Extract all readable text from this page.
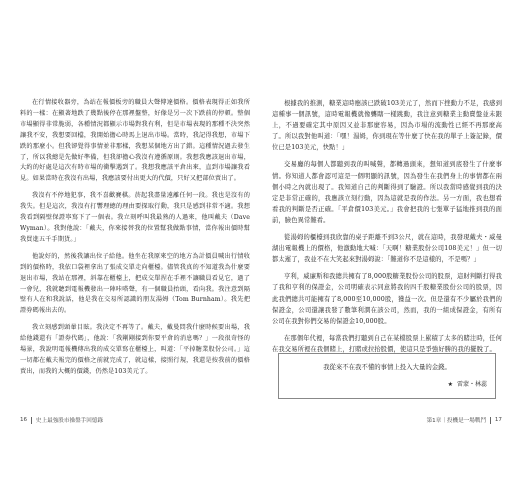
在行情接收器旁，為站在報價板旁的職員大聲傳達價格。價格表現得正如我所料的一樣：在顯著地跌了幾點後停在那裡盤整，好像是另一次下跌前的停頓。整個市場顯得非常脆弱，各種情況都顯示市場對我有利，但是市場表現的那種不決突然讓我不安，我想要回檔，我開始擔心時馬上退出市場。當時，我記得我想，市場下跌的那麼小。但我卻覺得事情並非那樣，我想某個地方出了錯。這種情況過去發生了，所以我總是先做好準備，但我卻擔心我沒有遵循原則。我想我應該退出市場，大約的好處是這次有時市場的衝擊遇到了。我想我應該平倉出來，直到市場讓我看見。如果當時在我沒有出場，我應該要付出更大的代價，只好又把部位賣出了。

我沒有不停地犯事，我不喜歡賽棋。菸起我盡量遠離任何一段。我也是沒有的我失。但是這次，我沒有打響理總的理由要探取行動，我只是感到非常不適。我想我看到隔壁保證寧寫下了一個表。我立刻呼叫我最熟的人過來，他叫戴夫（Dave Wyman）。我對他說：「戴夫，你來接替我的位置幫我做點事情，當你報出價時幫我買進五千手期貨。」

他說好的，然後我讓出位子給他。他坐在我原來空的地方為計價員喊出行情收到的價格時，我依口袋裡拿出了張成交單走向櫃檯。儘管我真的不知道我為什麼要退出市場，我站在那裡，斜靠在櫃檯上，把成交單捏在手裡不讓職員看見它，過了一會兒，我就聽到電報機發出一陣咔嗒聲，有一個職員抬頭，看向我。我注意到隔壁有人在和我說話，他是我在交易所認識的朋友湯姆（Tom Burnham）。我先把證券碼報出去的。

我立刻感到頭暈目眩。我決定不再等了。戴夫，戴曼問我什麼時候要出場，我給他錢還有「證券代碼」，他說：「我剛剛接到你要平倉的消息嗎？」一段很奇怪的場景，我說明電報機傳出我的成交單寫在櫃檯上，叫道：「平掉糖業股份公司。」這一切都在戴夫報完的價格之前就完成了，就這樣，接照行規，我還是按我前的價格賣出，而我的大概的價錢，仍然是103美元了。

16 史上最強股市操盤手回憶錄

根據我的推測，糖業這時應該已跌破103美元了，然而下挫動力不足，我感到這種事一個訊號，這時電報機就像聾瞎一樣跳動，我注意到糖業主動賣盤並未跟上，不過要確定其中原因又並非那麼容易，因為市場的流動性已經不再那麼高了。所以我對他叫道：「嘿！湯姆，你到現在等什麼了快在我的單子上簽記錄，價位已是103美元，快點！」

交易廳的每個人都聽到我的叫喊聲，都轉過頭來，想知道到底發生了什麼事情。你知道人都會認可這是一個明顯的訊號，因為發生在我們身上的事情都在兩個小時之內就出現了。我知道自己的判斷得到了驗證。所以我當時感覺到我的決定是非常正確的，我應該立刻行動，因為這就是我的作法。另一方面，我也想看看我的判斷是否正確。「平倉價103美元。」我會把我的七張單子猛地推到我的面前，臉色異常難看。

從湯姆的櫃檯到我欣靠的桌子距離不到3公尺，就在這時，我發現戴夫・威曼湖出電報機上的價格，他激動地大喊：「天啊！糖業股份公司108美元！」但一切都太遲了，我並不在大笑起來對湯姆說：「難道你不是這樣的，不是嗎？」

亨利，威廉斯和我總共擁有了8,000股糖業股份公司的股票，這財判斷打得我了我和亨利的保證金，公司明確表示同意將我的四千股糖業股份公司的股票，因此我們總共可能擁有了8,000至10,000股，獲益一次。但是還有不少屬於我們的保證金，公司還讓我發了數筆利潤在該公司，然而，我的一組成保證金，有所有公司在我對你們交易的保證金10,000股。

在那個年代裡，每當我們打聽到自己在某檔股票上累積了太多的賭注時，任何在我交易所裡在我個賭上，打賭或拉抬股價，使這只是爭強好勝的我的擺脫了。

我從來不在我不懂的事情上投入大量的金錢。
★ 雷蒙・林蕊
第1章｜投機是一場戰鬥 17
